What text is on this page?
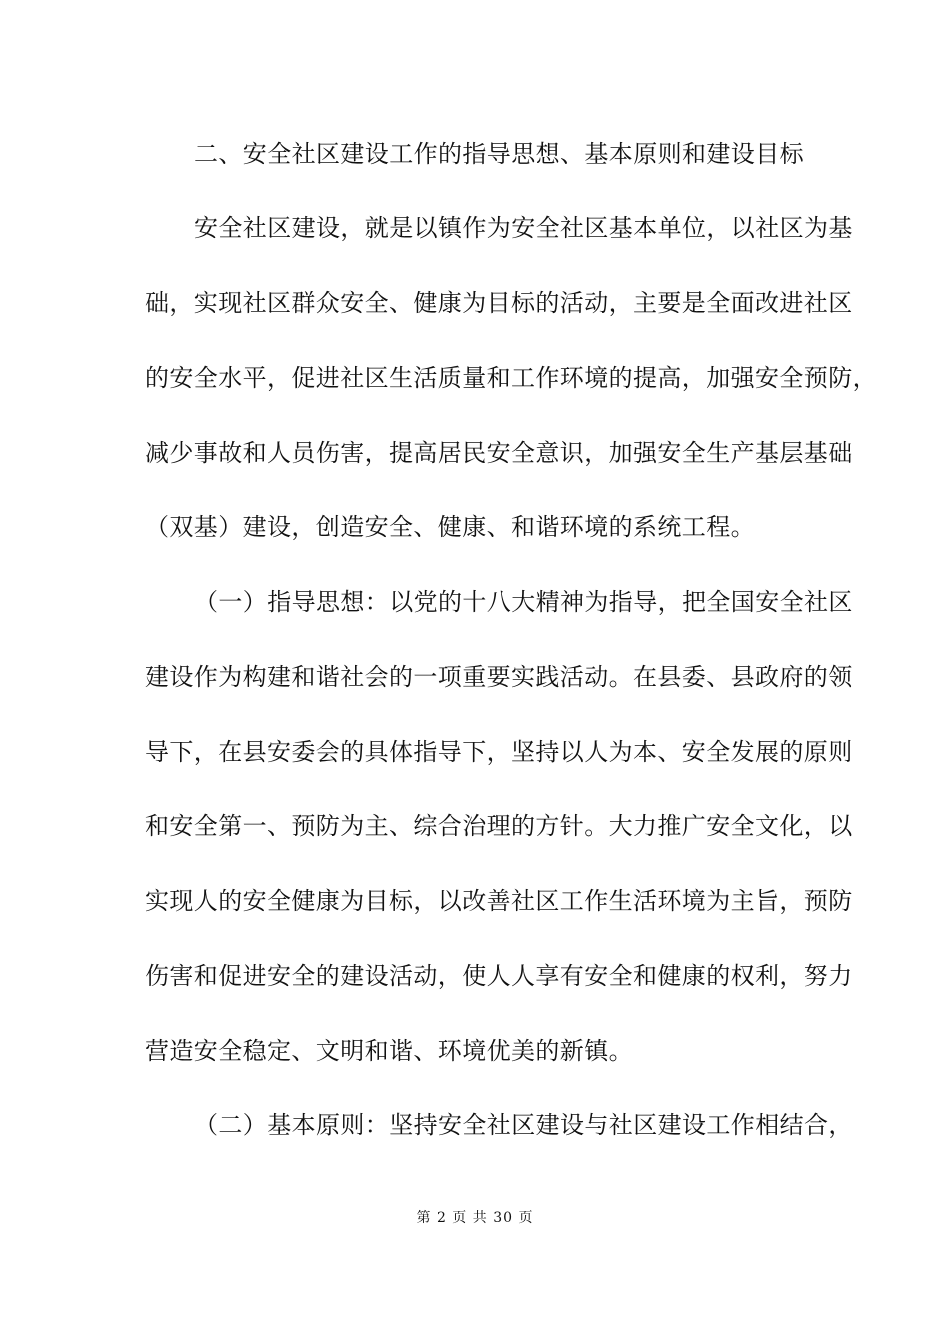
二、安全社区建设工作的指导思想、基本原则和建设目标
安全社区建设，就是以镇作为安全社区基本单位，以社区为基
础，实现社区群众安全、健康为目标的活动，主要是全面改进社区
的安全水平，促进社区生活质量和工作环境的提高，加强安全预防，
减少事故和人员伤害，提高居民安全意识，加强安全生产基层基础
（双基）建设，创造安全、健康、和谐环境的系统工程。
（一）指导思想：以党的十八大精神为指导，把全国安全社区
建设作为构建和谐社会的一项重要实践活动。在县委、县政府的领
导下，在县安委会的具体指导下，坚持以人为本、安全发展的原则
和安全第一、预防为主、综合治理的方针。大力推广安全文化，以
实现人的安全健康为目标，以改善社区工作生活环境为主旨，预防
伤害和促进安全的建设活动，使人人享有安全和健康的权利，努力
营造安全稳定、文明和谐、环境优美的新镇。
（二）基本原则：坚持安全社区建设与社区建设工作相结合，
第 2 页 共 30 页
